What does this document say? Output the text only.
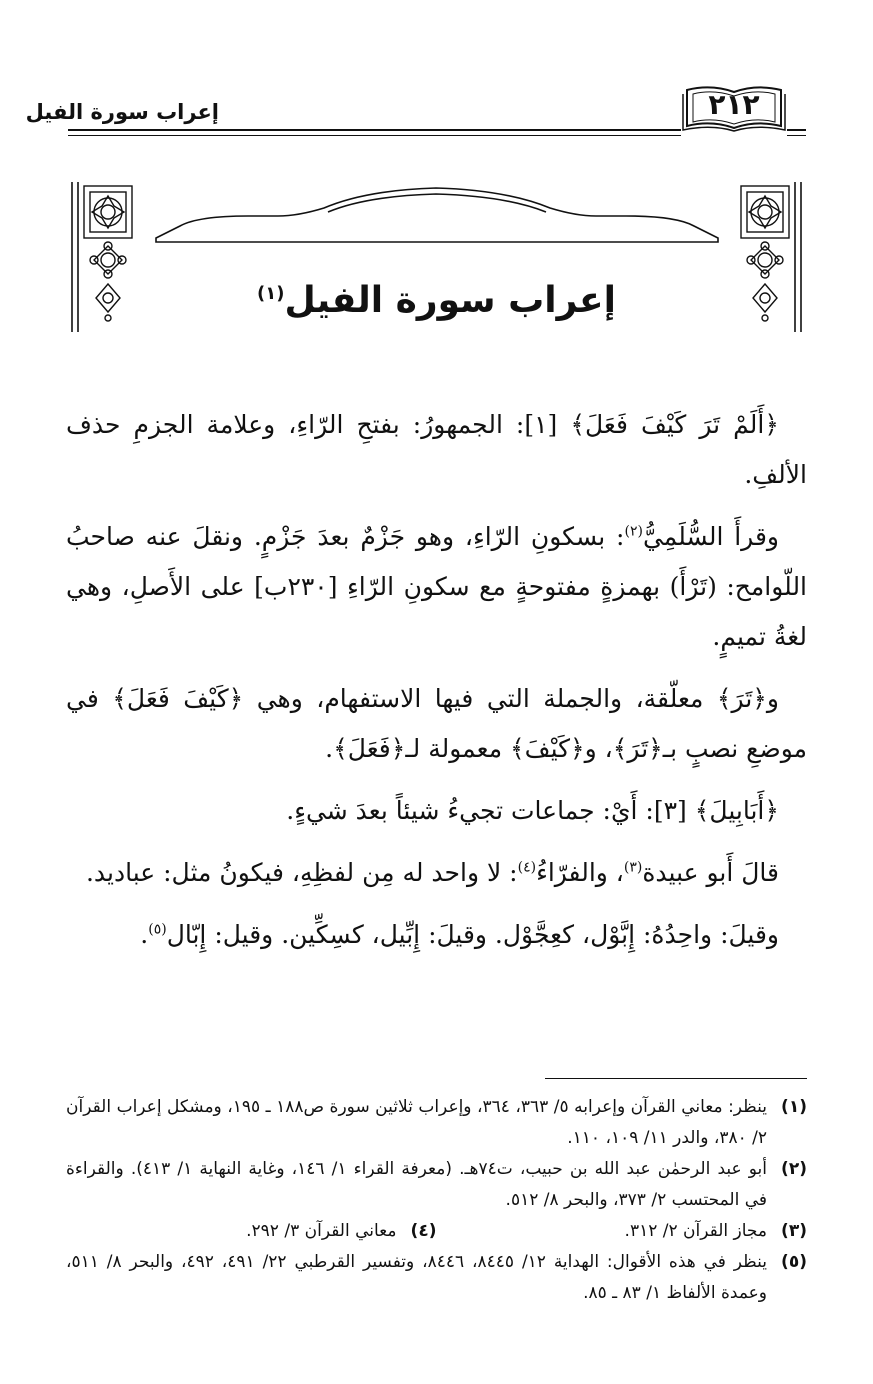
إعراب سورة الفيل	٢١٢
إعراب سورة الفيل$^{(١)}$

﴿أَلَمْ تَرَ كَيْفَ فَعَلَ﴾ [١]: الجمهورُ: بفتحِ الرّاءِ، وعلامة الجزمِ حذف الألفِ.

وقرأَ السُّلَمِيُّ$^{(٢)}$: بسكونِ الرّاءِ، وهو جَزْمٌ بعدَ جَزْمٍ. ونقلَ عنه صاحبُ اللّوامح: (تَرْأَ) بهمزةٍ مفتوحةٍ مع سكونِ الرّاءِ [٢٣٠ب] على الأَصلِ، وهي لغةُ تميمٍ.

و﴿تَرَ﴾ معلّقة، والجملة التي فيها الاستفهام، وهي ﴿كَيْفَ فَعَلَ﴾ في موضعِ نصبٍ بـ﴿تَرَ﴾، و﴿كَيْفَ﴾ معمولة لـ﴿فَعَلَ﴾.

﴿أَبَابِيلَ﴾ [٣]: أَيْ: جماعات تجيءُ شيئاً بعدَ شيءٍ.

قالَ أَبو عبيدة$^{(٣)}$، والفرّاءُ$^{(٤)}$: لا واحد له مِن لفظِهِ، فيكونُ مثل: عباديد.

وقيلَ: واحِدُهُ: إِبَّوْل، كعِجَّوْل. وقيلَ: إِبِّيل، كسِكِّين. وقيل: إِبّال$^{(٥)}$.

(١)
ينظر: معاني القرآن وإعرابه ٥/ ٣٦٣، ٣٦٤، وإعراب ثلاثين سورة ص١٨٨ ـ ١٩٥، ومشكل إعراب القرآن ٢/ ٣٨٠، والدر ١١/ ١٠٩، ١١٠.
(٢)
أبو عبد الرحمٰن عبد الله بن حبيب، ت٧٤هـ. (معرفة القراء ١/ ١٤٦، وغاية النهاية ١/ ٤١٣). والقراءة في المحتسب ٢/ ٣٧٣، والبحر ٨/ ٥١٢.
(٣)
مجاز القرآن ٢/ ٣١٢.
(٤)
معاني القرآن ٣/ ٢٩٢.
(٥)
ينظر في هذه الأقوال: الهداية ١٢/ ٨٤٤٥، ٨٤٤٦، وتفسير القرطبي ٢٢/ ٤٩١، ٤٩٢، والبحر ٨/ ٥١١، وعمدة الألفاظ ١/ ٨٣ ـ ٨٥.
